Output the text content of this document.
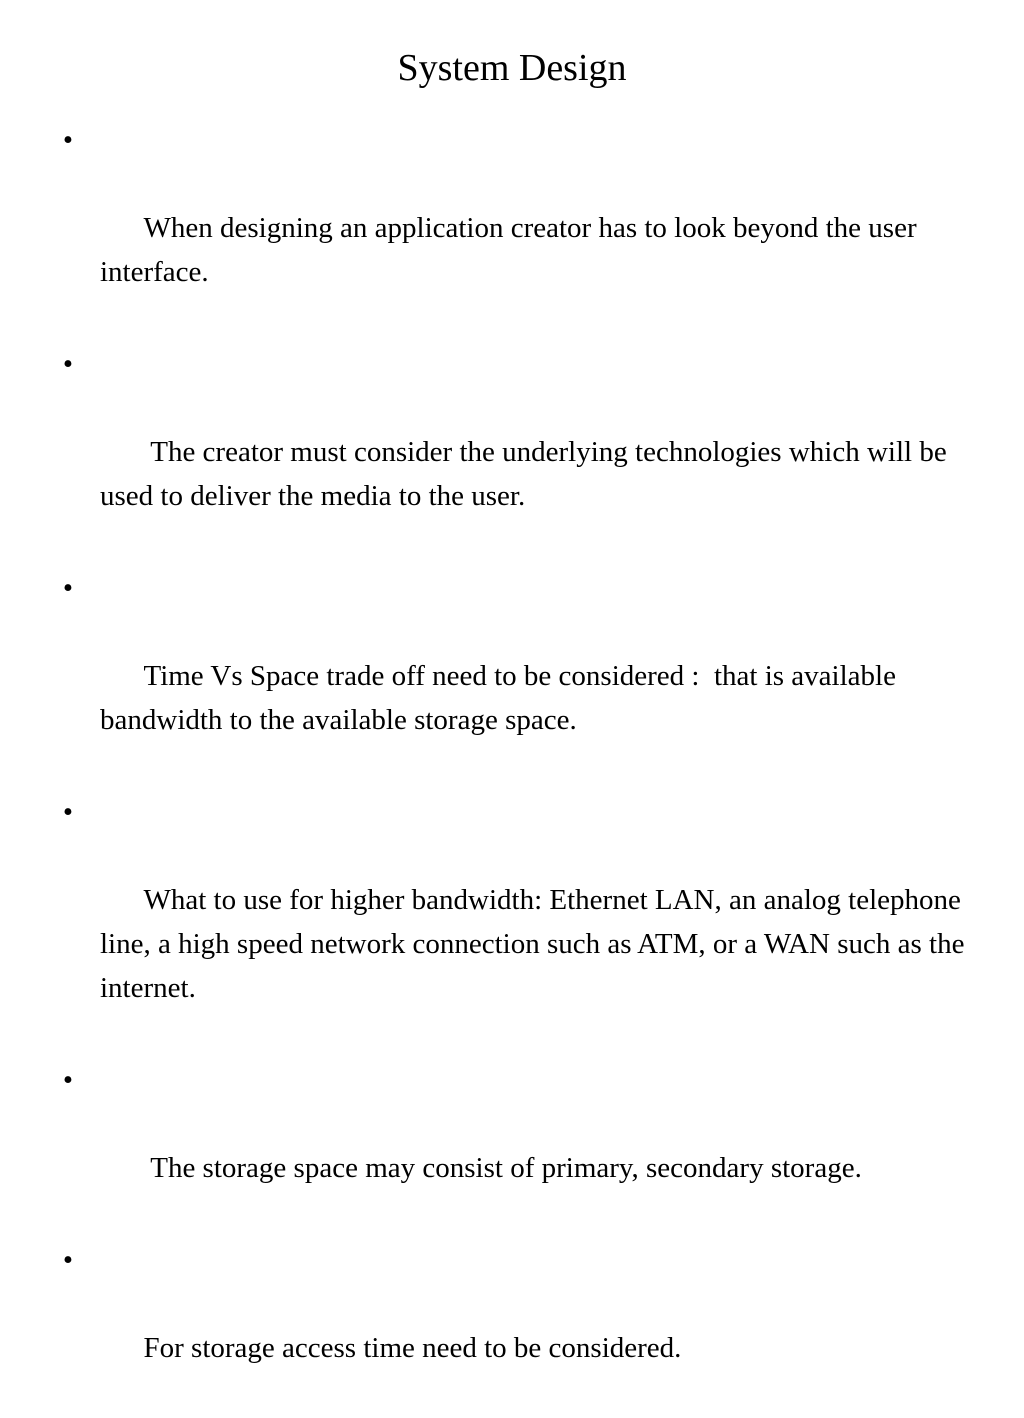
System Design

•

When designing an application creator has to look beyond the user interface.

•

The creator must consider the underlying technologies which will be used to deliver the media to the user.

•

Time Vs Space trade off need to be considered :  that is available bandwidth to the available storage space.

•

What to use for higher bandwidth: Ethernet LAN, an analog telephone line, a high speed network connection such as ATM, or a WAN such as the internet.

•

The storage space may consist of primary, secondary storage.

•

For storage access time need to be considered.
